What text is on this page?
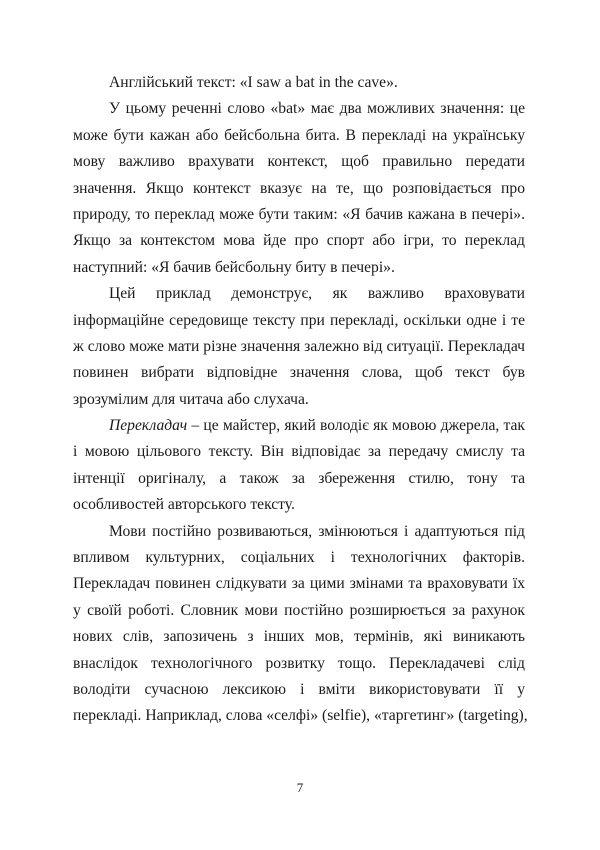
Англійський текст: «I saw a bat in the cave».
У цьому реченні слово «bat» має два можливих значення: це
може бути кажан або бейсбольна бита. В перекладі на українську
мову важливо врахувати контекст, щоб правильно передати
значення. Якщо контекст вказує на те, що розповідається про
природу, то переклад може бути таким: «Я бачив кажана в печері».
Якщо за контекстом мова йде про спорт або ігри, то переклад
наступний: «Я бачив бейсбольну биту в печері».
Цей приклад демонструє, як важливо враховувати
інформаційне середовище тексту при перекладі, оскільки одне і те
ж слово може мати різне значення залежно від ситуації. Перекладач
повинен вибрати відповідне значення слова, щоб текст був
зрозумілим для читача або слухача.
Перекладач – це майстер, який володіє як мовою джерела, так
і мовою цільового тексту. Він відповідає за передачу смислу та
інтенції оригіналу, а також за збереження стилю, тону та
особливостей авторського тексту.
Мови постійно розвиваються, змінюються і адаптуються під
впливом культурних, соціальних і технологічних факторів.
Перекладач повинен слідкувати за цими змінами та враховувати їх
у своїй роботі. Словник мови постійно розширюється за рахунок
нових слів, запозичень з інших мов, термінів, які виникають
внаслідок технологічного розвитку тощо. Перекладачеві слід
володіти сучасною лексикою і вміти використовувати її у
перекладі. Наприклад, слова «селфі» (selfie), «таргетинг» (targeting),
7
